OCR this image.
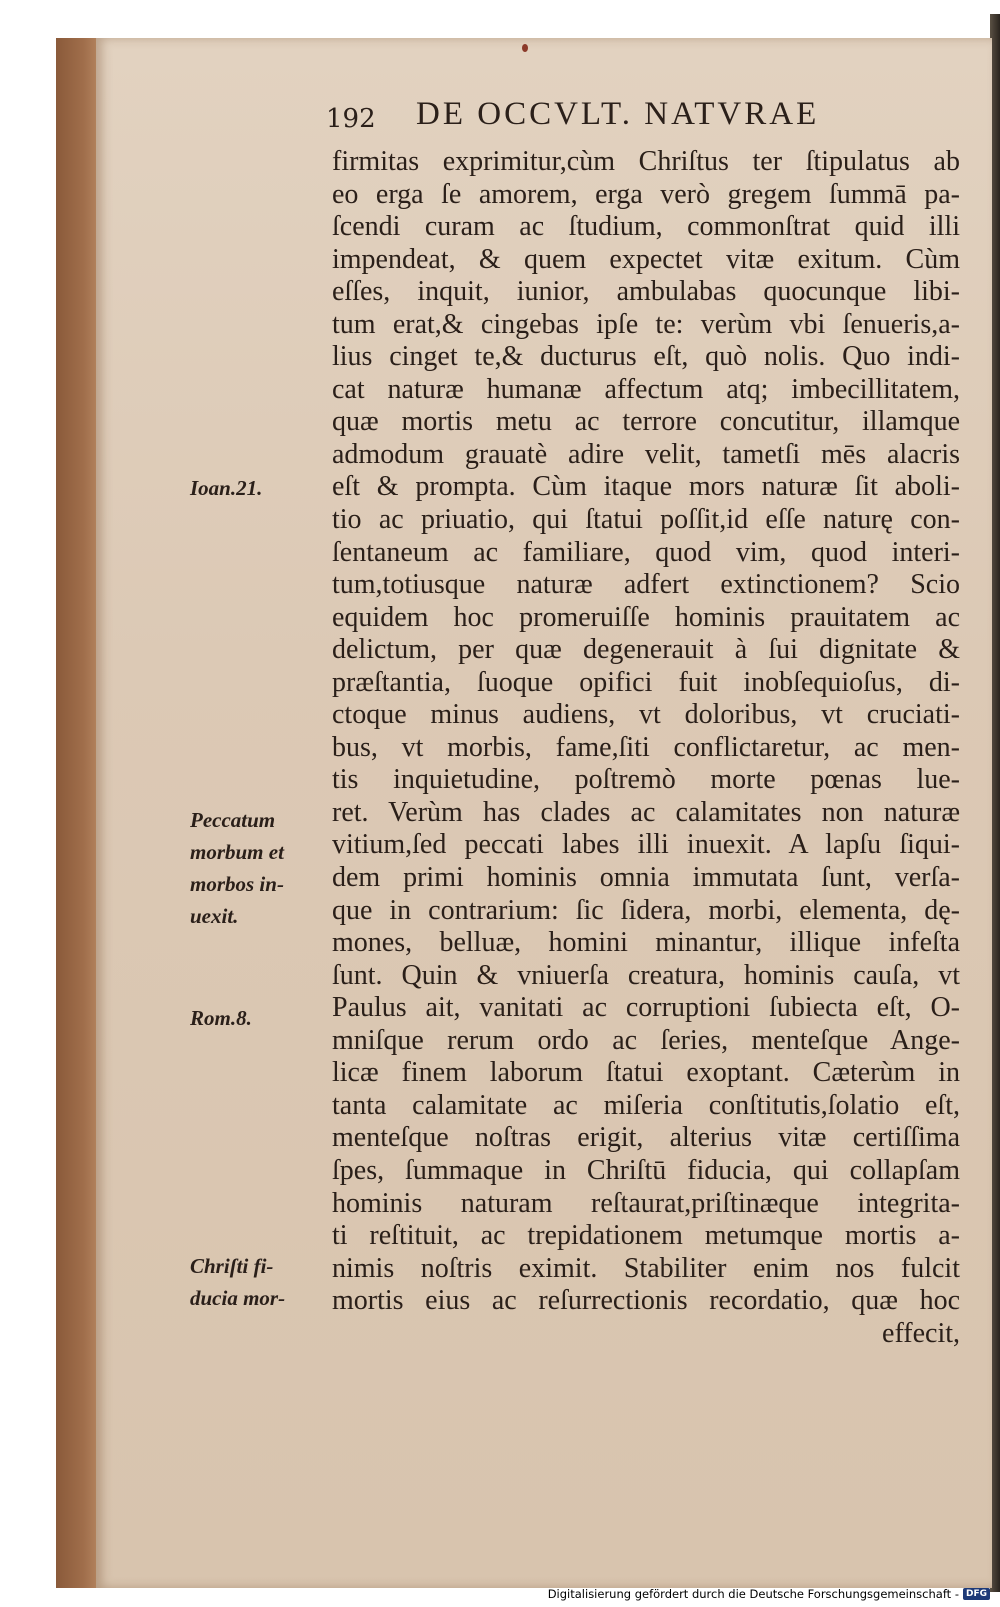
192 DE OCCVLT. NATVRAE
firmitas exprimitur,cùm Chriſtus ter ſtipulatus ab
eo erga ſe amorem, erga verò gregem ſummā pa-
ſcendi curam ac ſtudium, commonſtrat quid illi
impendeat, & quem expectet vitæ exitum. Cùm
eſſes, inquit, iunior, ambulabas quocunque libi-
tum erat,& cingebas ipſe te: verùm vbi ſenueris,a-
lius cinget te,& ducturus eſt, quò nolis. Quo indi-
cat naturæ humanæ affectum atq; imbecillitatem,
quæ mortis metu ac terrore concutitur, illamque
admodum grauatè adire velit, tametſi mēs alacris
eſt & prompta. Cùm itaque mors naturæ ſit aboli-
tio ac priuatio, qui ſtatui poſſit,id eſſe naturę con-
ſentaneum ac familiare, quod vim, quod interi-
tum,totiusque naturæ adfert extinctionem? Scio
equidem hoc promeruiſſe hominis prauitatem ac
delictum, per quæ degenerauit à ſui dignitate &
præſtantia, ſuoque opifici fuit inobſequioſus, di-
ctoque minus audiens, vt doloribus, vt cruciati-
bus, vt morbis, fame,ſiti conflictaretur, ac men-
tis inquietudine, poſtremò morte pœnas lue-
ret. Verùm has clades ac calamitates non naturæ
vitium,ſed peccati labes illi inuexit. A lapſu ſiqui-
dem primi hominis omnia immutata ſunt, verſa-
que in contrarium: ſic ſidera, morbi, elementa, dę-
mones, belluæ, homini minantur, illique infeſta
ſunt. Quin & vniuerſa creatura, hominis cauſa, vt
Paulus ait, vanitati ac corruptioni ſubiecta eſt, O-
mniſque rerum ordo ac ſeries, menteſque Ange-
licæ finem laborum ſtatui exoptant. Cæterùm in
tanta calamitate ac miſeria conſtitutis,ſolatio eſt,
menteſque noſtras erigit, alterius vitæ certiſſima
ſpes, ſummaque in Chriſtū fiducia, qui collapſam
hominis naturam reſtaurat,priſtinæque integrita-
ti reſtituit, ac trepidationem metumque mortis a-
nimis noſtris eximit. Stabiliter enim nos fulcit
mortis eius ac reſurrectionis recordatio, quæ hoc
effecit,
Ioan.21.
Peccatum
morbum et
morbos in-
uexit.
Rom.8.
Chriſti fi-
ducia mor-
Digitalisierung gefördert durch die Deutsche Forschungsgemeinschaft - DFG
